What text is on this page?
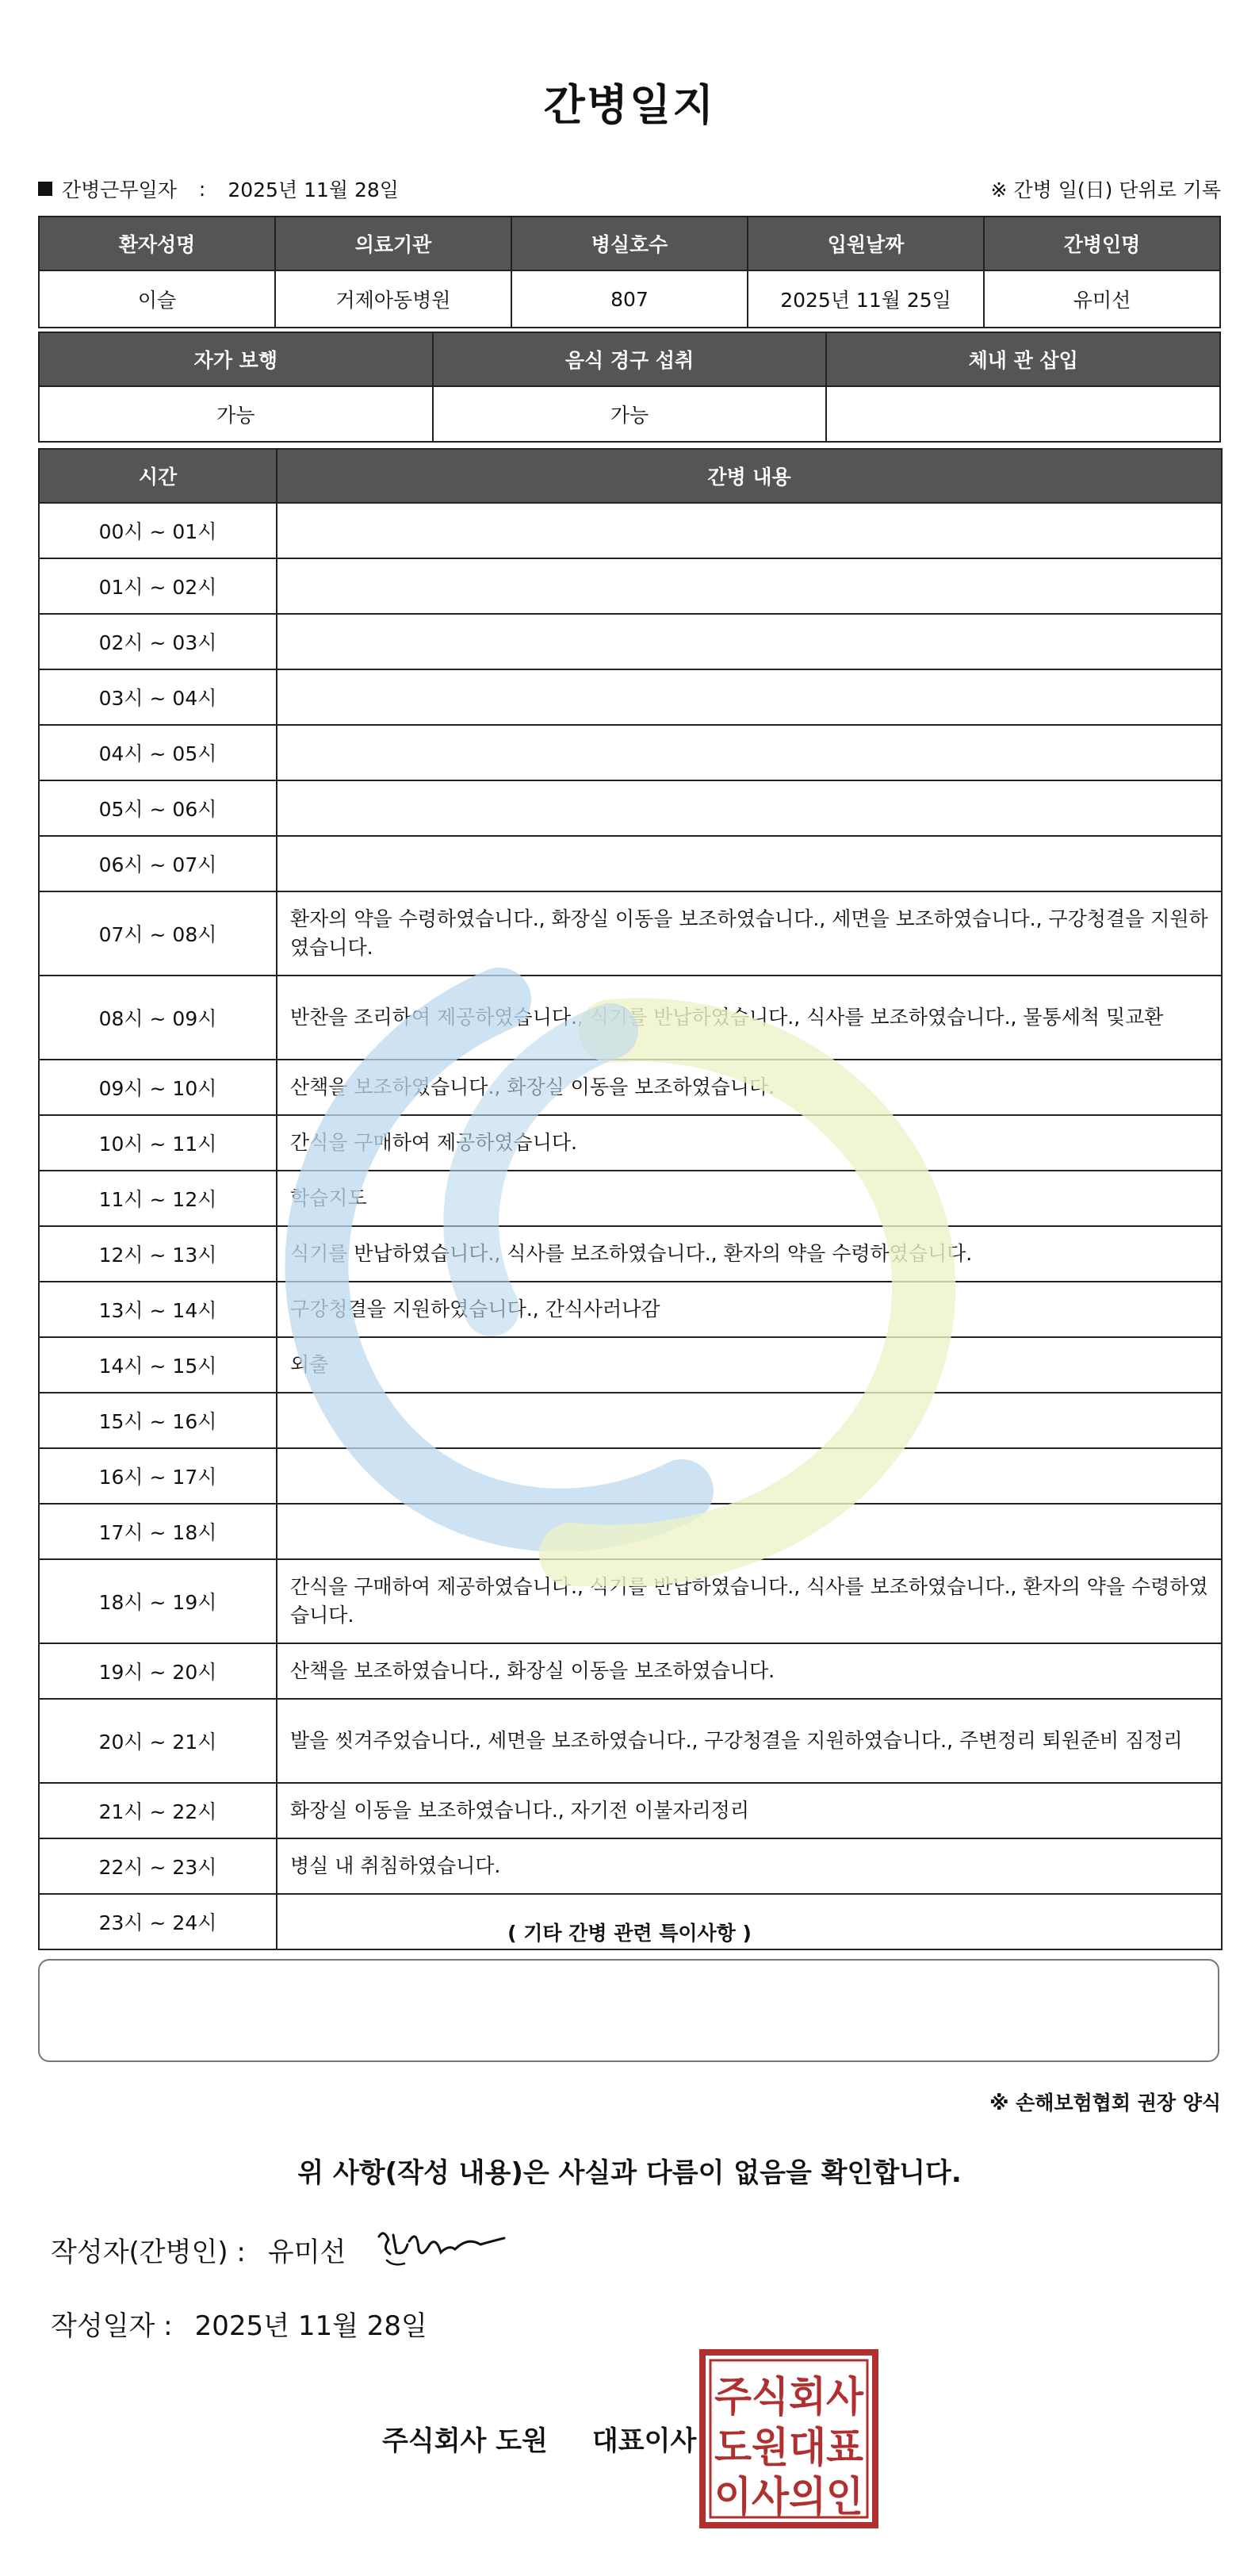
간병일지
간병근무일자 : 2025년 11월 28일	※ 간병 일(日) 단위로 기록
환자성명	의료기관	병실호수	입원날짜	간병인명
이슬	거제아동병원	807	2025년 11월 25일	유미선
자가 보행	음식 경구 섭취	체내 관 삽입
가능	가능	
시간	간병 내용
00시 ~ 01시	
01시 ~ 02시	
02시 ~ 03시	
03시 ~ 04시	
04시 ~ 05시	
05시 ~ 06시	
06시 ~ 07시	
07시 ~ 08시	환자의 약을 수령하였습니다., 화장실 이동을 보조하였습니다., 세면을 보조하였습니다., 구강청결을 지원하였습니다.
08시 ~ 09시	반찬을 조리하여 제공하였습니다., 식기를 반납하였습니다., 식사를 보조하였습니다., 물통세척 및교환
09시 ~ 10시	산책을 보조하였습니다., 화장실 이동을 보조하였습니다.
10시 ~ 11시	간식을 구매하여 제공하였습니다.
11시 ~ 12시	학습지도
12시 ~ 13시	식기를 반납하였습니다., 식사를 보조하였습니다., 환자의 약을 수령하였습니다.
13시 ~ 14시	구강청결을 지원하였습니다., 간식사러나감
14시 ~ 15시	외출
15시 ~ 16시	
16시 ~ 17시	
17시 ~ 18시	
18시 ~ 19시	간식을 구매하여 제공하였습니다., 식기를 반납하였습니다., 식사를 보조하였습니다., 환자의 약을 수령하였습니다.
19시 ~ 20시	산책을 보조하였습니다., 화장실 이동을 보조하였습니다.
20시 ~ 21시	발을 씻겨주었습니다., 세면을 보조하였습니다., 구강청결을 지원하였습니다., 주변정리 퇴원준비 짐정리
21시 ~ 22시	화장실 이동을 보조하였습니다., 자기전 이불자리정리
22시 ~ 23시	병실 내 취침하였습니다.
23시 ~ 24시		( 기타 간병 관련 특이사항 )
※ 손해보험협회 권장 양식
위 사항(작성 내용)은 사실과 다름이 없음을 확인합니다.
작성자(간병인) : 유미선
작성일자 : 2025년 11월 28일
주식회사 도원 대표이사
주식회사
도원대표
이사의인
